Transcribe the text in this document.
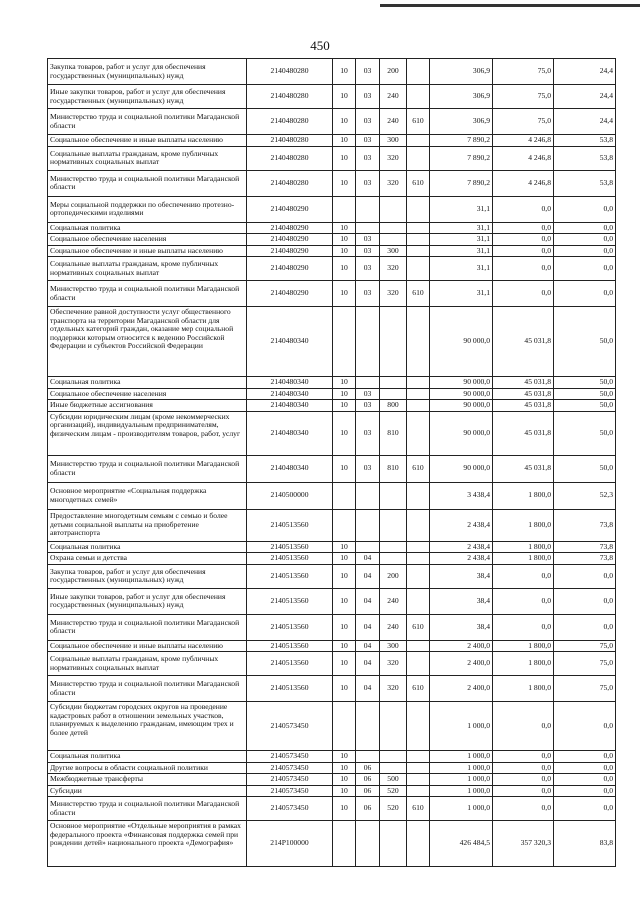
450
Закупка товаров, работ и услуг для обеспечения государственных (муниципальных) нужд	2140480280	10	03	200		306,9	75,0	24,4
Иные закупки товаров, работ и услуг для обеспечения государственных (муниципальных) нужд	2140480280	10	03	240		306,9	75,0	24,4
Министерство труда и социальной политики Магаданской области	2140480280	10	03	240	610	306,9	75,0	24,4
Социальное обеспечение и иные выплаты населению	2140480280	10	03	300		7 890,2	4 246,8	53,8
Социальные выплаты гражданам, кроме публичных нормативных социальных выплат	2140480280	10	03	320		7 890,2	4 246,8	53,8
Министерство труда и социальной политики Магаданской области	2140480280	10	03	320	610	7 890,2	4 246,8	53,8
Меры социальной поддержки по обеспечению протезно-ортопедическими изделиями	2140480290					31,1	0,0	0,0
Социальная политика	2140480290	10				31,1	0,0	0,0
Социальное обеспечение населения	2140480290	10	03			31,1	0,0	0,0
Социальное обеспечение и иные выплаты населению	2140480290	10	03	300		31,1	0,0	0,0
Социальные выплаты гражданам, кроме публичных нормативных социальных выплат	2140480290	10	03	320		31,1	0,0	0,0
Министерство труда и социальной политики Магаданской области	2140480290	10	03	320	610	31,1	0,0	0,0
Обеспечение равной доступности услуг общественного транспорта на территории Магаданской области для отдельных категорий граждан, оказание мер социальной поддержки которым относится к ведению Российской Федерации и субъектов Российской Федерации	2140480340					90 000,0	45 031,8	50,0
Социальная политика	2140480340	10				90 000,0	45 031,8	50,0
Социальное обеспечение населения	2140480340	10	03			90 000,0	45 031,8	50,0
Иные бюджетные ассигнования	2140480340	10	03	800		90 000,0	45 031,8	50,0
Субсидии юридическим лицам (кроме некоммерческих организаций), индивидуальным предпринимателям, физическим лицам - производителям товаров, работ, услуг	2140480340	10	03	810		90 000,0	45 031,8	50,0
Министерство труда и социальной политики Магаданской области	2140480340	10	03	810	610	90 000,0	45 031,8	50,0
Основное мероприятие «Социальная поддержка многодетных семей»	2140500000					3 438,4	1 800,0	52,3
Предоставление многодетным семьям с семью и более детьми социальной выплаты на приобретение автотранспорта	2140513560					2 438,4	1 800,0	73,8
Социальная политика	2140513560	10				2 438,4	1 800,0	73,8
Охрана семьи и детства	2140513560	10	04			2 438,4	1 800,0	73,8
Закупка товаров, работ и услуг для обеспечения государственных (муниципальных) нужд	2140513560	10	04	200		38,4	0,0	0,0
Иные закупки товаров, работ и услуг для обеспечения государственных (муниципальных) нужд	2140513560	10	04	240		38,4	0,0	0,0
Министерство труда и социальной политики Магаданской области	2140513560	10	04	240	610	38,4	0,0	0,0
Социальное обеспечение и иные выплаты населению	2140513560	10	04	300		2 400,0	1 800,0	75,0
Социальные выплаты гражданам, кроме публичных нормативных социальных выплат	2140513560	10	04	320		2 400,0	1 800,0	75,0
Министерство труда и социальной политики Магаданской области	2140513560	10	04	320	610	2 400,0	1 800,0	75,0
Субсидии бюджетам городских округов на проведение кадастровых работ в отношении земельных участков, планируемых к выделению гражданам, имеющим трех и более детей	2140573450					1 000,0	0,0	0,0
Социальная политика	2140573450	10				1 000,0	0,0	0,0
Другие вопросы в области социальной политики	2140573450	10	06			1 000,0	0,0	0,0
Межбюджетные трансферты	2140573450	10	06	500		1 000,0	0,0	0,0
Субсидии	2140573450	10	06	520		1 000,0	0,0	0,0
Министерство труда и социальной политики Магаданской области	2140573450	10	06	520	610	1 000,0	0,0	0,0
Основное мероприятие «Отдельные мероприятия в рамках федерального проекта «Финансовая поддержка семей при рождении детей» национального проекта «Демография»	214P100000					426 484,5	357 320,3	83,8
